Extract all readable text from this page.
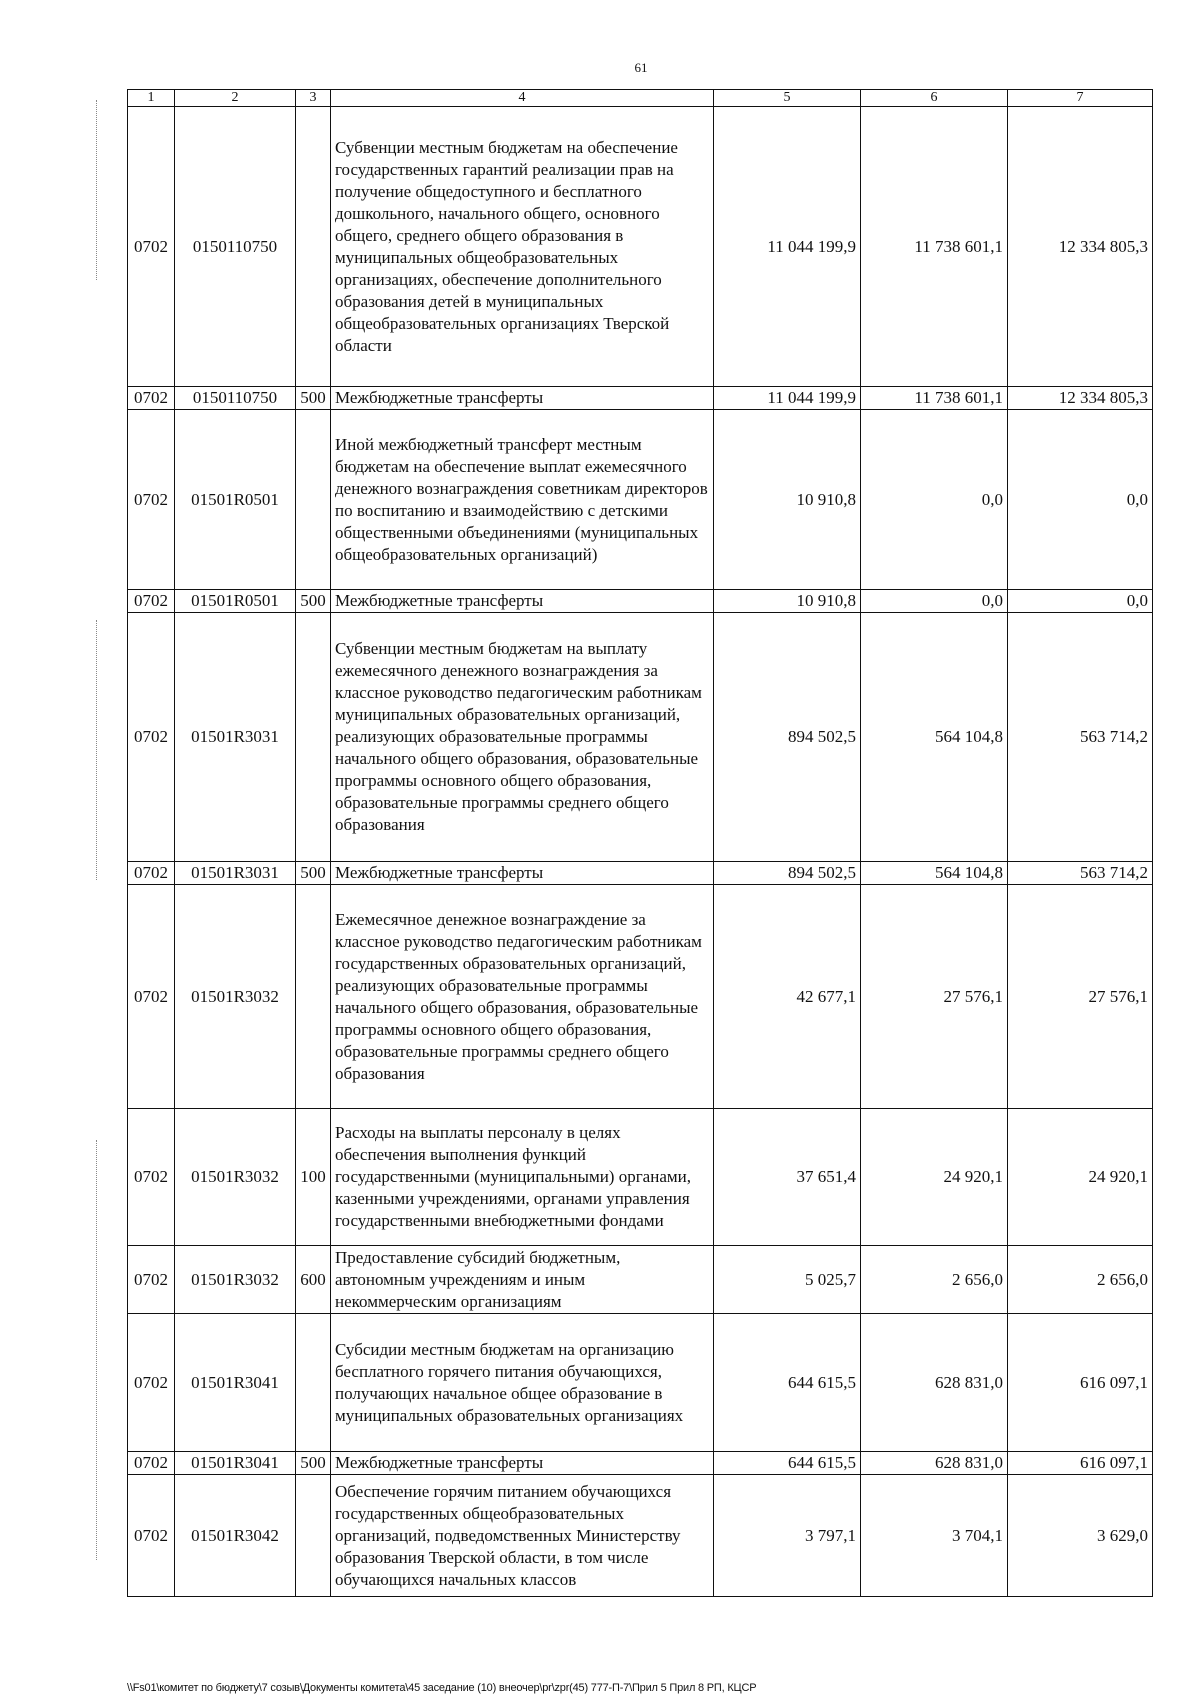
61
1	2	3	4	5	6	7
0702	0150110750		Субвенции местным бюджетам на обеспечение государственных гарантий реализации прав на получение общедоступного и бесплатного дошкольного, начального общего, основного общего, среднего общего образования в муниципальных общеобразовательных организациях, обеспечение дополнительного образования детей в муниципальных общеобразовательных организациях Тверской области	11 044 199,9	11 738 601,1	12 334 805,3
0702	0150110750	500	Межбюджетные трансферты	11 044 199,9	11 738 601,1	12 334 805,3
0702	01501R0501		Иной межбюджетный трансферт местным бюджетам на обеспечение выплат ежемесячного денежного вознаграждения советникам директоров по воспитанию и взаимодействию с детскими общественными объединениями (муниципальных общеобразовательных организаций)	10 910,8	0,0	0,0
0702	01501R0501	500	Межбюджетные трансферты	10 910,8	0,0	0,0
0702	01501R3031		Субвенции местным бюджетам на выплату ежемесячного денежного вознаграждения за классное руководство педагогическим работникам муниципальных образовательных организаций, реализующих образовательные программы начального общего образования, образовательные программы основного общего образования, образовательные программы среднего общего образования	894 502,5	564 104,8	563 714,2
0702	01501R3031	500	Межбюджетные трансферты	894 502,5	564 104,8	563 714,2
0702	01501R3032		Ежемесячное денежное вознаграждение за классное руководство педагогическим работникам государственных образовательных организаций, реализующих образовательные программы начального общего образования, образовательные программы основного общего образования, образовательные программы среднего общего образования	42 677,1	27 576,1	27 576,1
0702	01501R3032	100	Расходы на выплаты персоналу в целях обеспечения выполнения функций государственными (муниципальными) органами, казенными учреждениями, органами управления государственными внебюджетными фондами	37 651,4	24 920,1	24 920,1
0702	01501R3032	600	Предоставление субсидий бюджетным, автономным учреждениям и иным некоммерческим организациям	5 025,7	2 656,0	2 656,0
0702	01501R3041		Субсидии местным бюджетам на организацию бесплатного горячего питания обучающихся, получающих начальное общее образование в муниципальных образовательных организациях	644 615,5	628 831,0	616 097,1
0702	01501R3041	500	Межбюджетные трансферты	644 615,5	628 831,0	616 097,1
0702	01501R3042		Обеспечение горячим питанием обучающихся государственных общеобразовательных организаций, подведомственных Министерству образования Тверской области, в том числе обучающихся начальных классов	3 797,1	3 704,1	3 629,0
\\Fs01\комитет по бюджету\7 созыв\Документы комитета\45 заседание (10) внеочер\pr\zpr(45) 777-П-7\Прил 5 Прил 8 РП, КЦСР
